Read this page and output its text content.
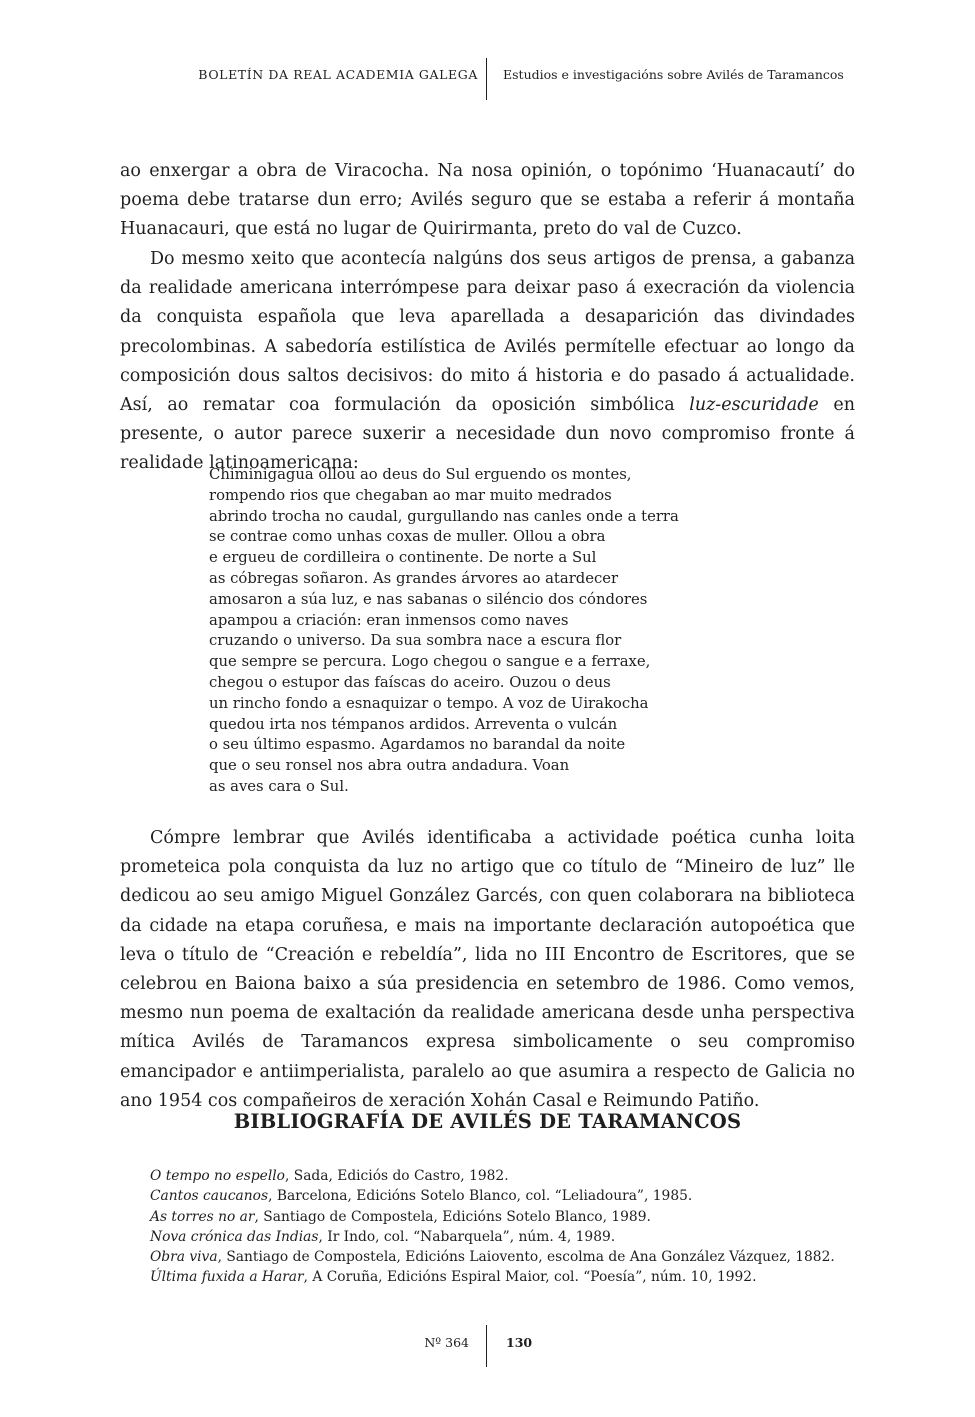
BOLETÍN DA REAL ACADEMIA GALEGA Estudios e investigacións sobre Avilés de Taramancos

ao enxergar a obra de Viracocha. Na nosa opinión, o topónimo ‘Huanacautí’ do poema debe tratarse dun erro; Avilés seguro que se estaba a referir á montaña Huanacauri, que está no lugar de Quirirmanta, preto do val de Cuzco.

Do mesmo xeito que acontecía nalgúns dos seus artigos de prensa, a gabanza da realidade americana interrómpese para deixar paso á execración da violencia da conquista española que leva aparellada a desaparición das divindades precolombinas. A sabedoría estilística de Avilés permítelle efectuar ao longo da composición dous saltos decisivos: do mito á historia e do pasado á actualidade. Así, ao rematar coa formulación da oposición simbólica luz-escuridade en presente, o autor parece suxerir a necesidade dun novo compromiso fronte á realidade latinoamericana:

Chiminigagua ollou ao deus do Sul erguendo os montes,
rompendo rios que chegaban ao mar muito medrados
abrindo trocha no caudal, gurgullando nas canles onde a terra
se contrae como unhas coxas de muller. Ollou a obra
e ergueu de cordilleira o continente. De norte a Sul
as cóbregas soñaron. As grandes árvores ao atardecer
amosaron a súa luz, e nas sabanas o siléncio dos cóndores
apampou a criación: eran inmensos como naves
cruzando o universo. Da sua sombra nace a escura flor
que sempre se percura. Logo chegou o sangue e a ferraxe,
chegou o estupor das faíscas do aceiro. Ouzou o deus
un rincho fondo a esnaquizar o tempo. A voz de Uirakocha
quedou irta nos témpanos ardidos. Arreventa o vulcán
o seu último espasmo. Agardamos no barandal da noite
que o seu ronsel nos abra outra andadura. Voan
as aves cara o Sul.

Cómpre lembrar que Avilés identificaba a actividade poética cunha loita prometeica pola conquista da luz no artigo que co título de “Mineiro de luz” lle dedicou ao seu amigo Miguel González Garcés, con quen colaborara na biblioteca da cidade na etapa coruñesa, e mais na importante declaración autopoética que leva o título de “Creación e rebeldía”, lida no III Encontro de Escritores, que se celebrou en Baiona baixo a súa presidencia en setembro de 1986. Como vemos, mesmo nun poema de exaltación da realidade americana desde unha perspectiva mítica Avilés de Taramancos expresa simbolicamente o seu compromiso emancipador e antiimperialista, paralelo ao que asumira a respecto de Galicia no ano 1954 cos compañeiros de xeración Xohán Casal e Reimundo Patiño.

BIBLIOGRAFÍA DE AVILÉS DE TARAMANCOS
O tempo no espello, Sada, Ediciós do Castro, 1982.
Cantos caucanos, Barcelona, Edicións Sotelo Blanco, col. “Leliadoura”, 1985.
As torres no ar, Santiago de Compostela, Edicións Sotelo Blanco, 1989.
Nova crónica das Indias, Ir Indo, col. “Nabarquela”, núm. 4, 1989.
Obra viva, Santiago de Compostela, Edicións Laiovento, escolma de Ana González Vázquez, 1882.
Última fuxida a Harar, A Coruña, Edicións Espiral Maior, col. “Poesía”, núm. 10, 1992.
Nº 364	130
